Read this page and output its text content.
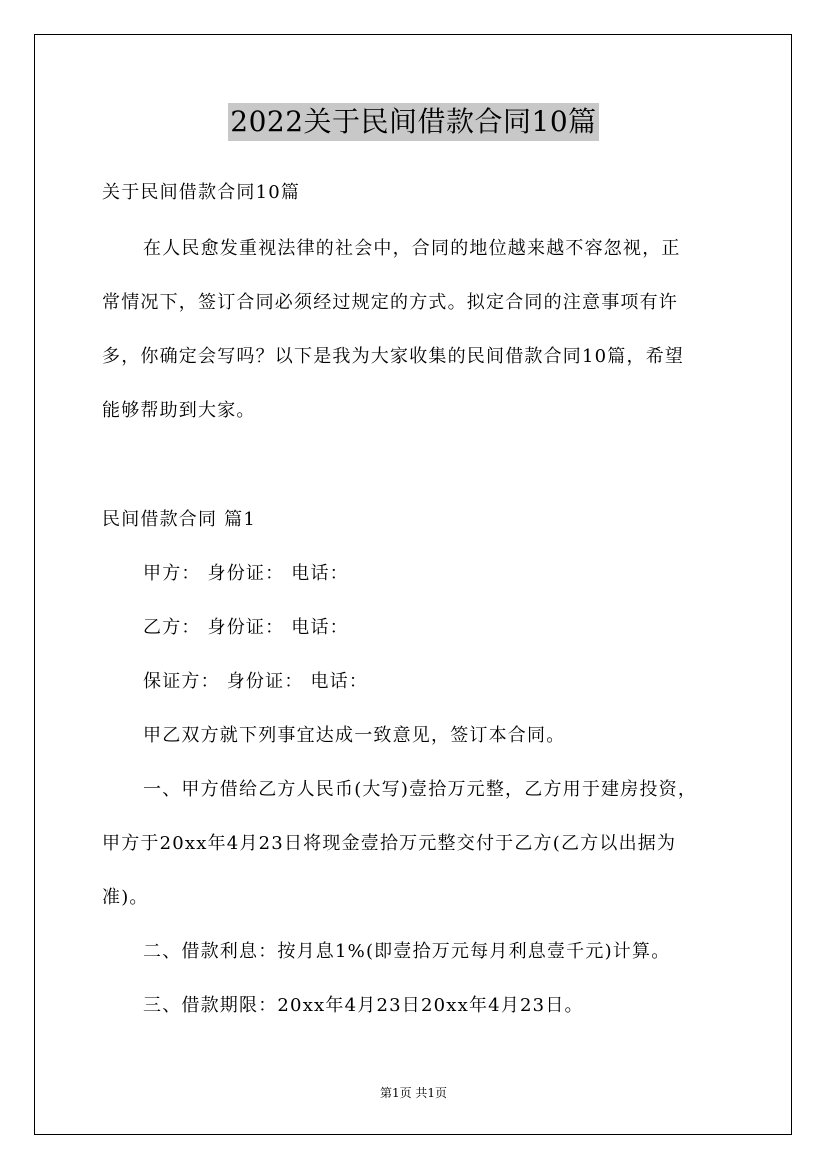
2022关于民间借款合同10篇
关于民间借款合同10篇
在人民愈发重视法律的社会中，合同的地位越来越不容忽视，正
常情况下，签订合同必须经过规定的方式。拟定合同的注意事项有许
多，你确定会写吗？以下是我为大家收集的民间借款合同10篇，希望
能够帮助到大家。
民间借款合同 篇1
甲方： 身份证： 电话：
乙方： 身份证： 电话：
保证方： 身份证： 电话：
甲乙双方就下列事宜达成一致意见，签订本合同。
一、甲方借给乙方人民币(大写)壹拾万元整，乙方用于建房投资，
甲方于20xx年4月23日将现金壹拾万元整交付于乙方(乙方以出据为
准)。
二、借款利息：按月息1%(即壹拾万元每月利息壹千元)计算。
三、借款期限：20xx年4月23日20xx年4月23日。
第1页 共1页
